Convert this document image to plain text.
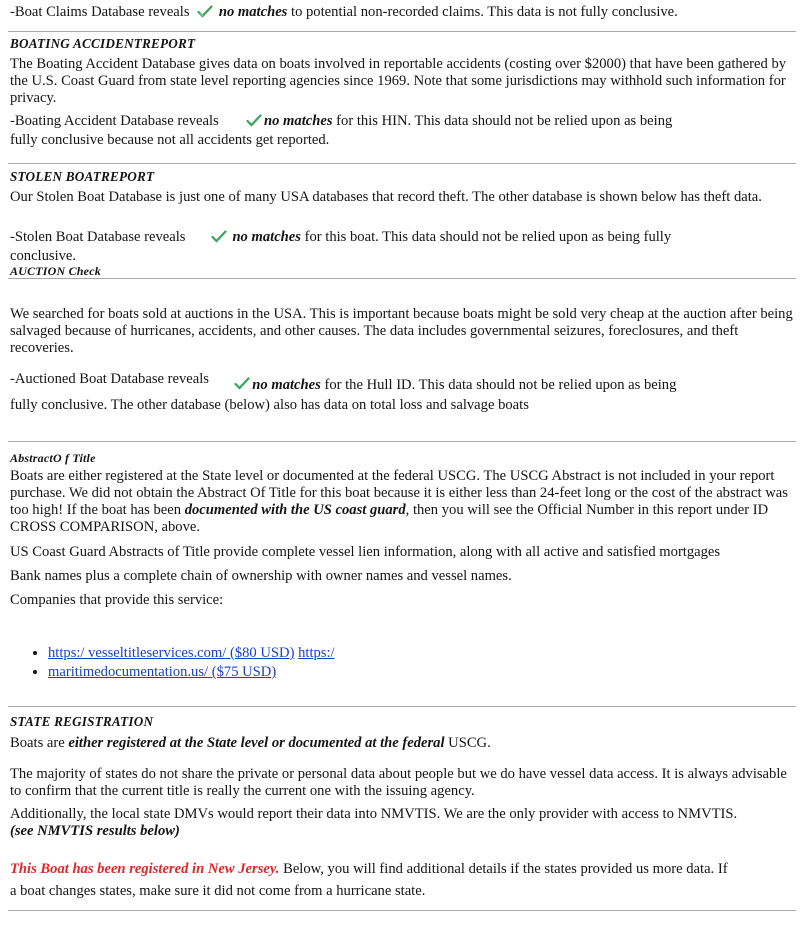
-Boat Claims Database reveals no matches to potential non-recorded claims. This data is not fully conclusive.

BOATING ACCIDENTREPORT

The Boating Accident Database gives data on boats involved in reportable accidents (costing over $2000) that have been gathered by the U.S. Coast Guard from state level reporting agencies since 1969. Note that some jurisdictions may withhold such information for privacy.

-Boating Accident Database reveals	no matches for this HIN. This data should not be relied upon as being

fully conclusive because not all accidents get reported.

STOLEN BOATREPORT

Our Stolen Boat Database is just one of many USA databases that record theft. The other database is shown below has theft data.

-Stolen Boat Database reveals	no matches for this boat. This data should not be relied upon as being fully

conclusive.

AUCTION Check

We searched for boats sold at auctions in the USA. This is important because boats might be sold very cheap at the auction after being salvaged because of hurricanes, accidents, and other causes. The data includes governmental seizures, foreclosures, and theft recoveries.

-Auctioned Boat Database reveals	no matches for the Hull ID. This data should not be relied upon as being

fully conclusive. The other database (below) also has data on total loss and salvage boats

AbstractO f Title

Boats are either registered at the State level or documented at the federal USCG. The USCG Abstract is not included in your report purchase. We did not obtain the Abstract Of Title for this boat because it is either less than 24-feet long or the cost of the abstract was too high! If the boat has been documented with the US coast guard, then you will see the Official Number in this report under ID CROSS COMPARISON, above.

US Coast Guard Abstracts of Title provide complete vessel lien information, along with all active and satisfied mortgages

Bank names plus a complete chain of ownership with owner names and vessel names.

Companies that provide this service:

• https:/ vesseltitleservices.com/ ($80 USD) https:/
• maritimedocumentation.us/ ($75 USD)
STATE REGISTRATION

Boats are either registered at the State level or documented at the federal USCG.

The majority of states do not share the private or personal data about people but we do have vessel data access. It is always advisable to confirm that the current title is really the current one with the issuing agency.

Additionally, the local state DMVs would report their data into NMVTIS. We are the only provider with access to NMVTIS.

(see NMVTIS results below)

This Boat has been registered in New Jersey. Below, you will find additional details if the states provided us more data. If

a boat changes states, make sure it did not come from a hurricane state.
